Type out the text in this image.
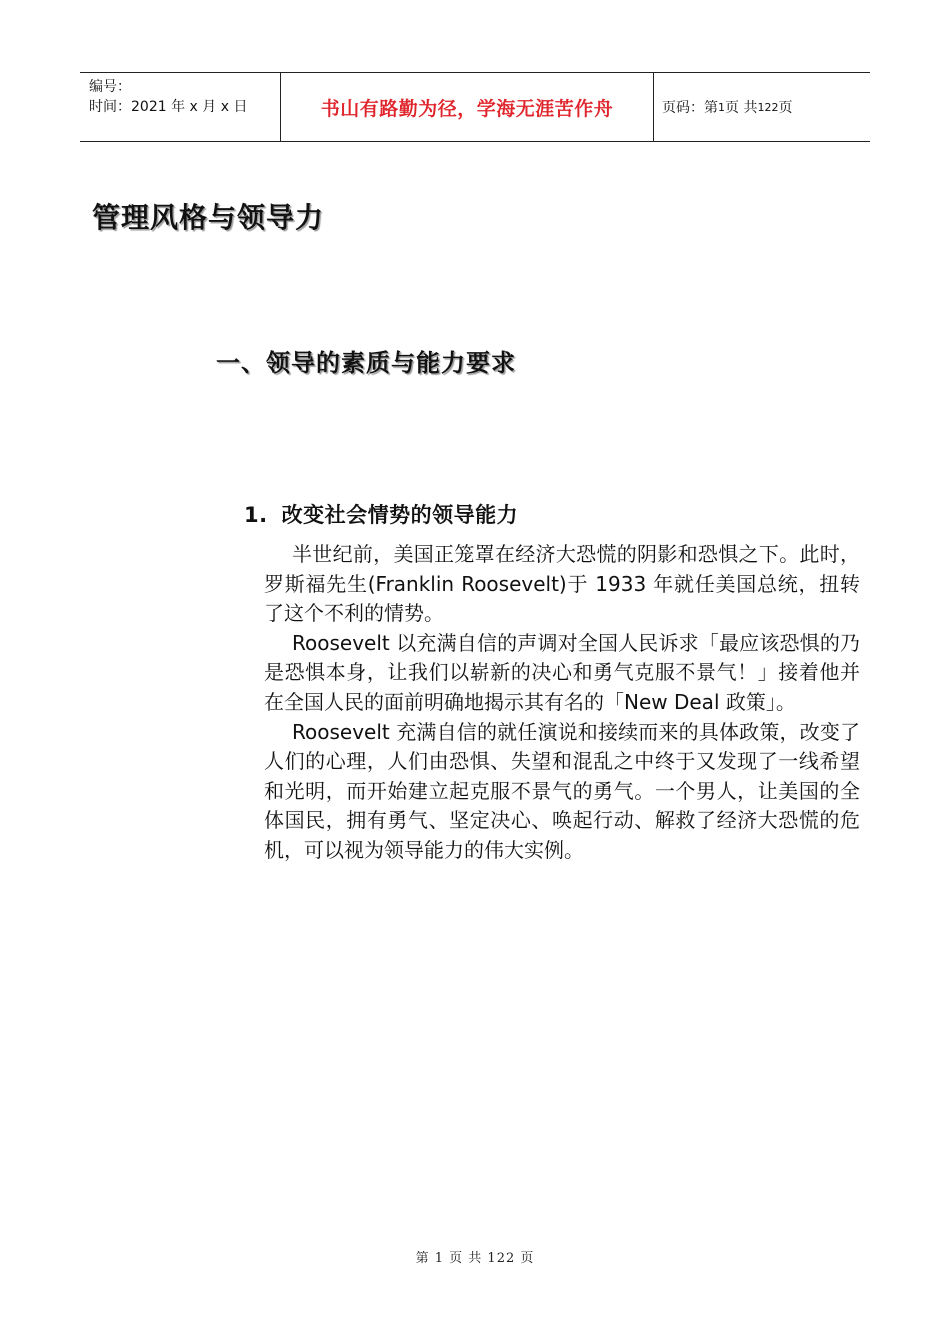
编号：
时间：2021 年 x 月 x 日	书山有路勤为径，学海无涯苦作舟	页码：第 1 页 共 122 页
管理风格与领导力
一、领导的素质与能力要求
1. 改变社会情势的领导能力

半世纪前，美国正笼罩在经济大恐慌的阴影和恐惧之下。此时，罗斯福先生(Franklin Roosevelt)于 1933 年就任美国总统，扭转了这个不利的情势。

Roosevelt 以充满自信的声调对全国人民诉求「最应该恐惧的乃是恐惧本身，让我们以崭新的决心和勇气克服不景气！」接着他并在全国人民的面前明确地揭示其有名的「New Deal 政策」。

Roosevelt 充满自信的就任演说和接续而来的具体政策，改变了人们的心理，人们由恐惧、失望和混乱之中终于又发现了一线希望和光明，而开始建立起克服不景气的勇气。一个男人，让美国的全体国民，拥有勇气、坚定决心、唤起行动、解救了经济大恐慌的危机，可以视为领导能力的伟大实例。

第 1 页 共 122 页
